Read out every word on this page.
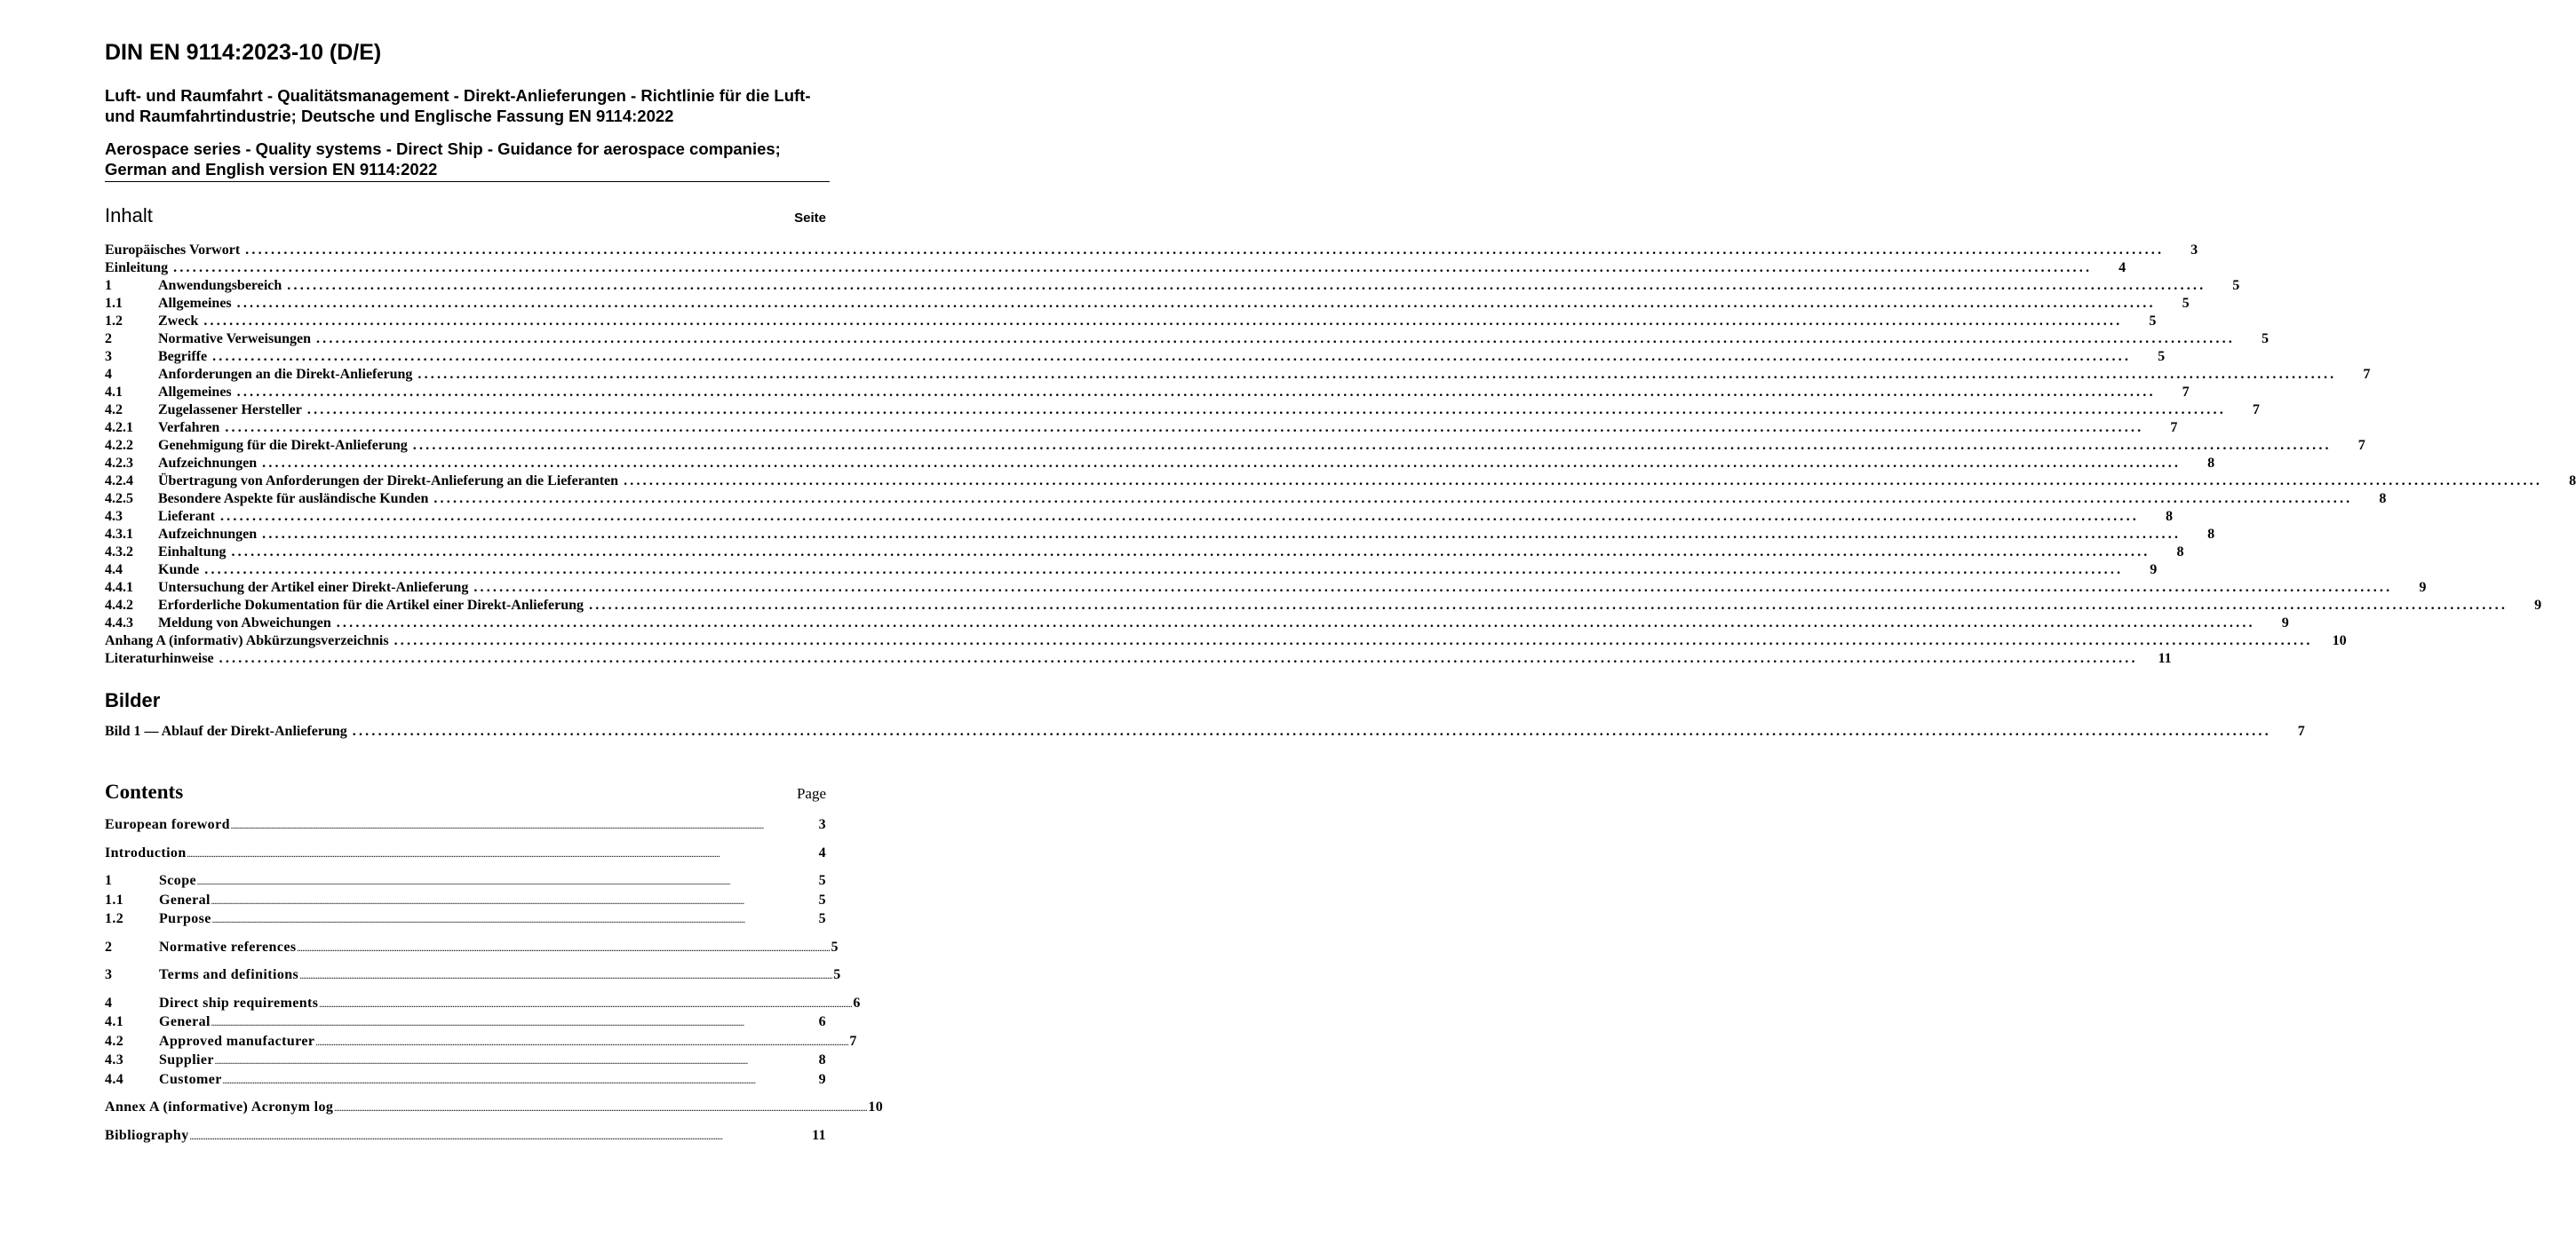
DIN EN 9114:2023-10 (D/E)

Luft- und Raumfahrt - Qualitätsmanagement - Direkt-Anlieferungen - Richtlinie für die Luft- und Raumfahrtindustrie; Deutsche und Englische Fassung EN 9114:2022

Aerospace series - Quality systems - Direct Ship - Guidance for aerospace companies; German and English version EN 9114:2022

Inhalt	Seite
Europäisches Vorwort ............................................................................................................................................................................................................................................................................................................	3
Einleitung ............................................................................................................................................................................................................................................................................................................	4
1	Anwendungsbereich ............................................................................................................................................................................................................................................................................................................	5
1.1	Allgemeines ............................................................................................................................................................................................................................................................................................................	5
1.2	Zweck ............................................................................................................................................................................................................................................................................................................	5
2	Normative Verweisungen ............................................................................................................................................................................................................................................................................................................	5
3	Begriffe ............................................................................................................................................................................................................................................................................................................	5
4	Anforderungen an die Direkt-Anlieferung ............................................................................................................................................................................................................................................................................................................	7
4.1	Allgemeines ............................................................................................................................................................................................................................................................................................................	7
4.2	Zugelassener Hersteller ............................................................................................................................................................................................................................................................................................................	7
4.2.1	Verfahren ............................................................................................................................................................................................................................................................................................................	7
4.2.2	Genehmigung für die Direkt-Anlieferung ............................................................................................................................................................................................................................................................................................................	7
4.2.3	Aufzeichnungen ............................................................................................................................................................................................................................................................................................................	8
4.2.4	Übertragung von Anforderungen der Direkt-Anlieferung an die Lieferanten ............................................................................................................................................................................................................................................................................................................	8
4.2.5	Besondere Aspekte für ausländische Kunden ............................................................................................................................................................................................................................................................................................................	8
4.3	Lieferant ............................................................................................................................................................................................................................................................................................................	8
4.3.1	Aufzeichnungen ............................................................................................................................................................................................................................................................................................................	8
4.3.2	Einhaltung ............................................................................................................................................................................................................................................................................................................	8
4.4	Kunde ............................................................................................................................................................................................................................................................................................................	9
4.4.1	Untersuchung der Artikel einer Direkt-Anlieferung ............................................................................................................................................................................................................................................................................................................	9
4.4.2	Erforderliche Dokumentation für die Artikel einer Direkt-Anlieferung ............................................................................................................................................................................................................................................................................................................	9
4.4.3	Meldung von Abweichungen ............................................................................................................................................................................................................................................................................................................	9
Anhang A (informativ) Abkürzungsverzeichnis ............................................................................................................................................................................................................................................................................................................	10
Literaturhinweise ............................................................................................................................................................................................................................................................................................................	11
Bilder
Bild 1 — Ablauf der Direkt-Anlieferung ............................................................................................................................................................................................................................................................................................................	7
Contents	Page
European foreword ............................................................................................................................................................................................................................................................................................................	3
Introduction ............................................................................................................................................................................................................................................................................................................	4
1	Scope ............................................................................................................................................................................................................................................................................................................	5
1.1	General ............................................................................................................................................................................................................................................................................................................	5
1.2	Purpose ............................................................................................................................................................................................................................................................................................................	5
2	Normative references ............................................................................................................................................................................................................................................................................................................ 5
3	Terms and definitions ............................................................................................................................................................................................................................................................................................................ 5
4	Direct ship requirements ............................................................................................................................................................................................................................................................................................................ 6
4.1	General ............................................................................................................................................................................................................................................................................................................	6
4.2	Approved manufacturer ............................................................................................................................................................................................................................................................................................................ 7
4.3	Supplier ............................................................................................................................................................................................................................................................................................................	8
4.4	Customer ............................................................................................................................................................................................................................................................................................................	9
Annex A (informative) Acronym log ............................................................................................................................................................................................................................................................................................................ 10
Bibliography ............................................................................................................................................................................................................................................................................................................	11
